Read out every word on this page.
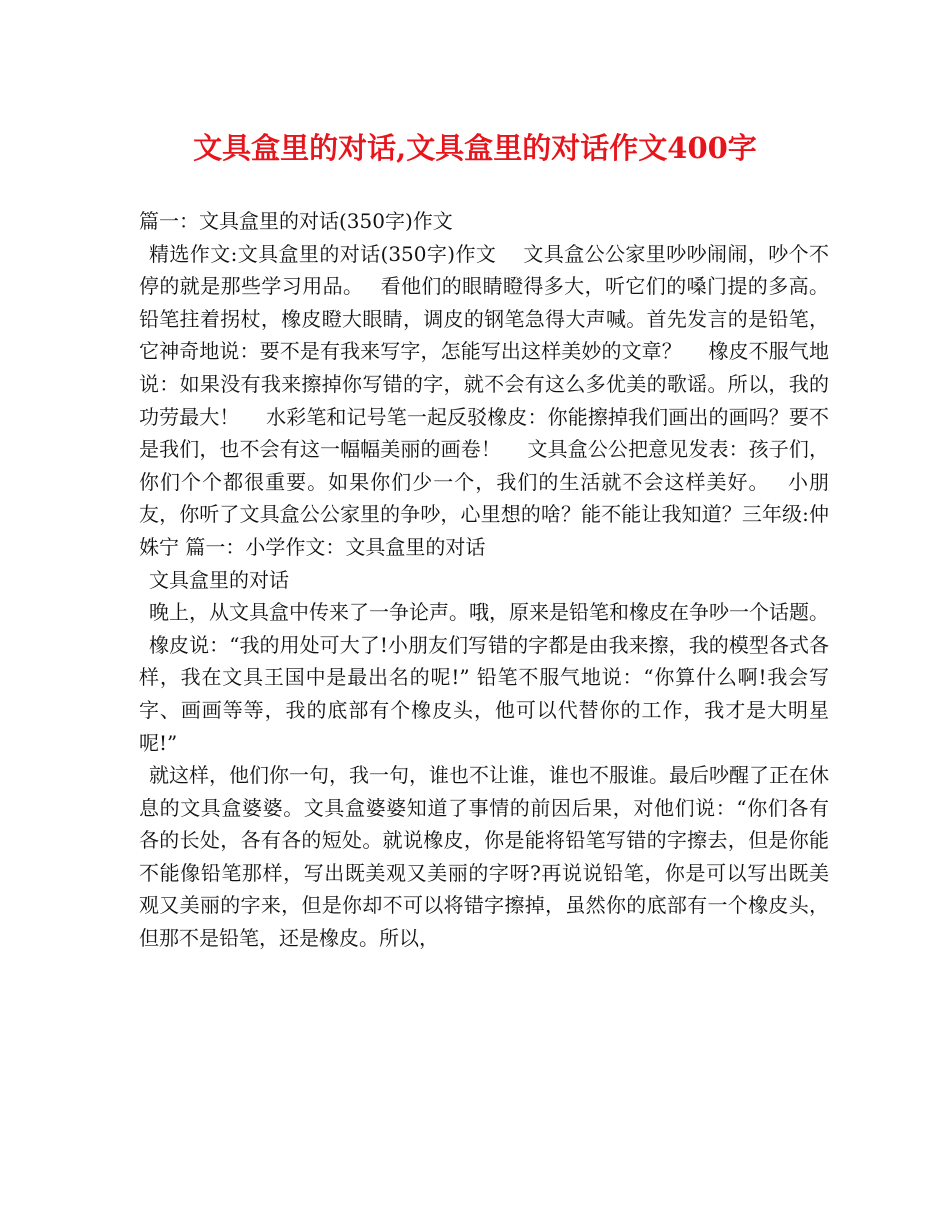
文具盒里的对话,文具盒里的对话作文400字

篇一：文具盒里的对话(350字)作文

精选作文:文具盒里的对话(350字)作文　 文具盒公公家里吵吵闹闹，吵个不停的就是那些学习用品。　 看他们的眼睛瞪得多大，听它们的嗓门提的多高。铅笔拄着拐杖，橡皮瞪大眼睛，调皮的钢笔急得大声喊。首先发言的是铅笔，它神奇地说：要不是有我来写字，怎能写出这样美妙的文章？　 橡皮不服气地说：如果没有我来擦掉你写错的字，就不会有这么多优美的歌谣。所以，我的功劳最大！　 水彩笔和记号笔一起反驳橡皮：你能擦掉我们画出的画吗？要不是我们，也不会有这一幅幅美丽的画卷！　 文具盒公公把意见发表：孩子们，你们个个都很重要。如果你们少一个，我们的生活就不会这样美好。　 小朋友，你听了文具盒公公家里的争吵，心里想的啥？能不能让我知道？三年级:仲姝宁 篇一：小学作文：文具盒里的对话

文具盒里的对话

晚上，从文具盒中传来了一争论声。哦，原来是铅笔和橡皮在争吵一个话题。

橡皮说：“我的用处可大了!小朋友们写错的字都是由我来擦，我的模型各式各样，我在文具王国中是最出名的呢!” 铅笔不服气地说：“你算什么啊!我会写字、画画等等，我的底部有个橡皮头，他可以代替你的工作，我才是大明星呢!”

就这样，他们你一句，我一句，谁也不让谁，谁也不服谁。最后吵醒了正在休息的文具盒婆婆。文具盒婆婆知道了事情的前因后果，对他们说：“你们各有各的长处，各有各的短处。就说橡皮，你是能将铅笔写错的字擦去，但是你能不能像铅笔那样，写出既美观又美丽的字呀?再说说铅笔，你是可以写出既美观又美丽的字来，但是你却不可以将错字擦掉，虽然你的底部有一个橡皮头，但那不是铅笔，还是橡皮。所以，
